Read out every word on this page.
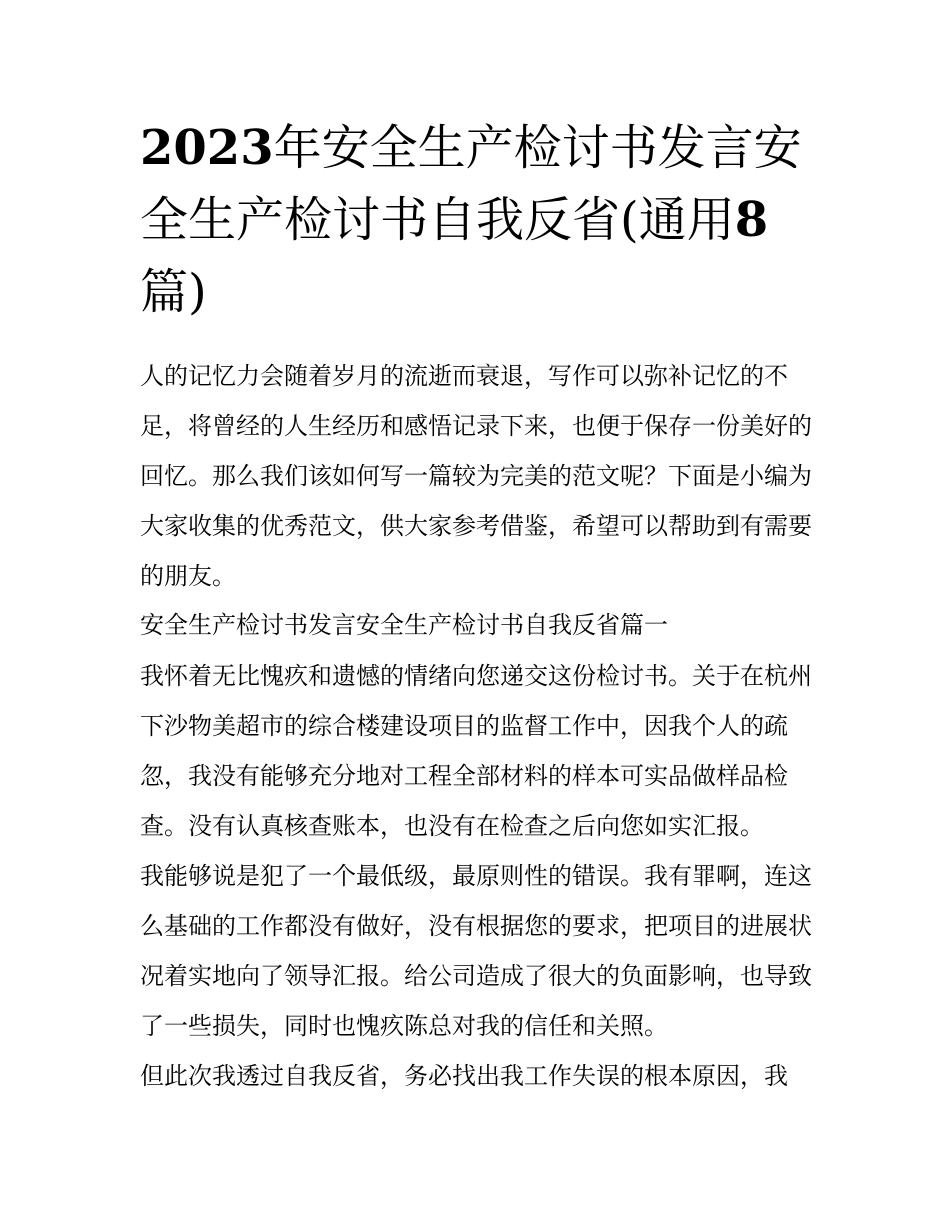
2023年安全生产检讨书发言安全生产检讨书自我反省(通用8篇)

人的记忆力会随着岁月的流逝而衰退，写作可以弥补记忆的不足，将曾经的人生经历和感悟记录下来，也便于保存一份美好的回忆。那么我们该如何写一篇较为完美的范文呢？下面是小编为大家收集的优秀范文，供大家参考借鉴，希望可以帮助到有需要的朋友。

安全生产检讨书发言安全生产检讨书自我反省篇一

我怀着无比愧疚和遗憾的情绪向您递交这份检讨书。关于在杭州下沙物美超市的综合楼建设项目的监督工作中，因我个人的疏忽，我没有能够充分地对工程全部材料的样本可实品做样品检查。没有认真核查账本，也没有在检查之后向您如实汇报。

我能够说是犯了一个最低级，最原则性的错误。我有罪啊，连这么基础的工作都没有做好，没有根据您的要求，把项目的进展状况着实地向了领导汇报。给公司造成了很大的负面影响，也导致了一些损失，同时也愧疚陈总对我的信任和关照。

但此次我透过自我反省，务必找出我工作失误的根本原因，我
